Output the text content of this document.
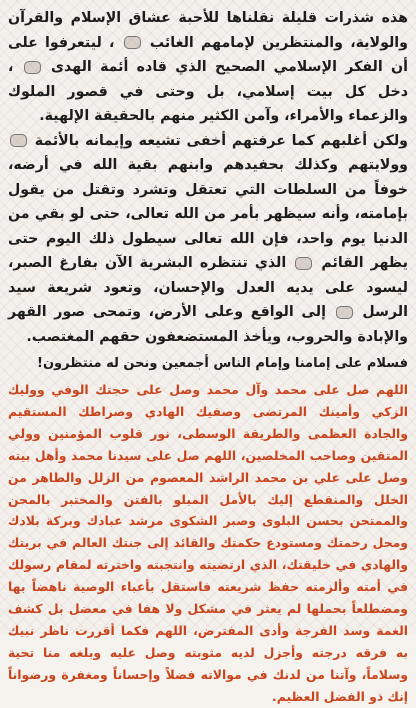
هذه شذرات قليلة نقلناها للأحبة عشاق الإسلام والقرآن والولاية، والمنتظرين لإمامهم الغائب  ، ليتعرفوا على أن الفكر الإسلامي الصحيح الذي قاده أئمة الهدى  ، دخل كل بيت إسلامي، بل وحتى في قصور الملوك والزعماء والأمراء، وآمن الكثير منهم بالحقيقة الإلهية.

ولكن أغلبهم كما عرفتهم أخفى تشيعه وإيمانه بالأئمة  وولايتهم وكذلك بحفيدهم وابنهم بقية الله في أرضه، خوفاً من السلطات التي تعتقل وتشرد وتقتل من يقول بإمامته، وأنه سيظهر بأمر من الله تعالى، حتى لو بقي من الدنيا يوم واحد، فإن الله تعالى سيطول ذلك اليوم حتى يظهر القائم  الذي تنتظره البشرية الآن بفارغ الصبر، ليسود على يديه العدل والإحسان، وتعود شريعة سيد الرسل  إلى الواقع وعلى الأرض، وتمحى صور القهر والإبادة والحروب، ويأخذ المستضعفون حقهم المغتصب.

فسلام على إمامنا وإمام الناس أجمعين ونحن له منتظرون!

اللهم صل على محمد وآل محمد وصل على حجتك الوفي ووليك الزكي وأمينك المرتضى وصفيك الهادي وصراطك المستقيم والجادة العظمى والطريقة الوسطى، نور قلوب المؤمنين وولي المتقين وصاحب المخلصين، اللهم صل على سيدنا محمد وأهل بيته وصل على علي بن محمد الراشد المعصوم من الزلل والطاهر من الخلل والمنقطع إليك بالأمل المبلو بالفتن والمختبر بالمحن والممتحن بحسن البلوى وصبر الشكوى مرشد عبادك وبركة بلادك ومحل رحمتك ومستودع حكمتك والقائد إلى جنتك العالم في بريتك والهادي في خليقتك، الذي ارتضيته وانتجبته واخترته لمقام رسولك في أمته وألزمته حفظ شريعته فاستقل بأعباء الوصية ناهضاً بها ومضطلعاً بحملها لم يعثر في مشكل ولا هفا في معضل بل كشف الغمة وسد الفرجة وأدى المفترض، اللهم فكما أقررت ناظر نبيك به فرقه درجته وأجزل لديه مثوبته وصل عليه وبلغه منا تحية وسلاماً، وآتنا من لدنك في موالاته فضلاً وإحساناً ومغفرة ورضواناً إنك ذو الفضل العظيم.
